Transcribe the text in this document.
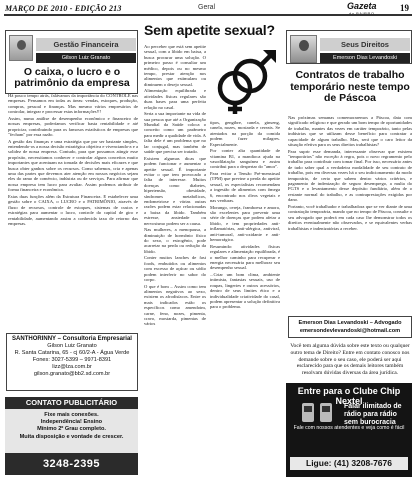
MARÇO DE 2010 - EDIÇÃO 213	Geral	Gazeta	19
Gestão Financeira
Gilson Luiz Granato
O caixa, o lucro e o patrimônio da empresa

Há pouco tempo atrás, falávamos da importância do CONTROLE nas empresas. Pensamos em todas as áreas: vendas, estoques, produção, compras, pessoal e finanças. Mas mesmo vários empresários de controlar, integrar e processar estas informações!!!

Assim, numa análise de desempenho econômico e financeiro de nossas empresas, poderíamos verificar basta rentabilidade e até propriciar, contribuindo para os famosos estatísticos de empresas que "fecham" por essa razão.

A gestão das finanças e uma estratégia que por ser bastante simples, entendendo-os a nossa decisão estratégica objetiva e vivenciando-a e a solidez de nossa empresa. Contudo, para que possamos atingir esse propósito, necessitamos conhecer e controlar alguns conceitos muito importantes que acentuam na tomada de decisões mais eficazes e que busca obter ganhos sobre os recursos. Como sabemos, cria e apenas uma das partes que devemos ater atenção em nossos negócios sejam eles do ramo de comércio, indústria ou de serviços. Para afirmar que nossa empresa tem lucro para avaliar. Assim podemos atribuir de forma financeira e econômica.

Estas duas funções além da Estrutura Financeira. E estabelecer uma gestão sobre o CAIXA, o LUCRO e o PATRIMÔNIO, através de fluxo de recursos, controle de estoques, sistemas de custos e estratégias para aumentar o lucro, controle do capital de giro e rentabilidade, aumentando assim a conhecida taxa de retorno das empresas.

SANTHORINNY – Consultoria Empresarial
Gilson Luiz Granato
R. Santa Catarina, 65 - cj 60/2-A - Água Verde
Fones: 3027-5399 – 9971-8391
lizz@lza.com.br
gilson.granato@bb2.sd.com.br
CONTATO PUBLICITÁRIO
Fixe mais conexões.
Independência! Ensino
Mínimo 2º Grau completo.
Muita disposição e vontade de crescer.
3248-2395
Sem apetite sexual?

Ao perceber que está sem apetite sexual, com a libido em baixa, a busca procurar uma solução. O primeiro passo é consultar um médico, depois ou no mesmo tempo, prestar atenção nos alimentos que estimulam ou diminuem o desejo sexual.

Alimentação equilibrada e atividades físicas regulares são duas bases para uma perfeita relação no casal.

Seria a sua importante na vida de sua pessoa que até a Organização Mundial da Saúde coloca o conceito como um parâmetro para medir a qualidade de vida. A falta dele é um problema que no lar conjugal, mas também de saúde que precisa ser tratado.

Existem algumas dicas que podem funcionar e aumentar o apetite sexual. É importante evitar o que tem provocado a falta de interesse. Muitos doenças como diabetes, hipertensão, obesidade, síndromes metabólicos, endometriose e várias outras razões podem estar relacionadas a baixa da libido. Também estresse, ansiedade ou nervosismo podem ser a causa.

Nas mulheres, a menopausa, a diminuição de hormônio físico do sexo, o estrogênio, pode acarretar na perda ou redução da libido.

Conter muitos lanches de fast foods, embutidos ou alimentos com excesso de açúcar ou sódio podem interferir no sabor do corpo.

O que é bom – Assim como tem alimentos negativos ao sexo, existem os afrodisíacos. Entre os mais indicados estão os específicos como amendoim, carne, feno, nozes, pimenta, cravo, mostarda, pimentas de vários

tipos, gengibre, canela, ginseng, canela, nozes, mostarda e cereais. Se atentados na porção da comida podem fazer milagres. Especialmente.

Por conter alta quantidade de vitamina B1, a mandioca ajuda na vasodilatação sanguínea e assim contribui para o despertar do "amor".

Para evitar a Tensão Pré-menstrual (TPM) que previne a perda do apetite sexual, os especialistas recomendam a ingestão de alimentos com ômega 6, encontrado nos óleos vegetais e nas verduras.

Morango, cereja, framboesa e amora, são excelentes para prevenir uma série de doenças que podem afetar a libido, e tem propriedades anti-inflamatórias, anti-alérgica, antiviral, anti-tumoral, anti-oxidante e anti-hemorrágico.

Resumindo: atividades físicas regulares e alimentação equilibrada, é o melhor caminho para recuperar e energia necessária para melhorar seu desempenho sexual.

...Criar um bom clima, ambiente intimista, fantasias sexuais, uso de roupas, lingeries e outros acessórios, dentro de seus limites ético e a individualidade criatividade do casal, podem apresentar a solução definitiva para o problema.

Seus Direitos
Emerson Dias Levandoski
Contratos de trabalho temporário neste tempo de Páscoa

Nas próximas semanas comemoraremos a Páscoa, data com significado religioso e que gerado um bom tempo de oportunidades de trabalho, mantes das vezes em caráter temporário, tanto pelas indústrias que se utilizam desse benefício para contratar a capacidade de algum trabalho. Mas, será que o caro leitor da situação efetiva para os seus direitos trabalhistas?

Para suprir esse demanda, interessante observar que existem "temporários" não exceção à regra, pois o novo regramento pelo trabalho para contribuir com tomar final. Por isso, necessário antes de tudo saber qual a verdadeira modalidade de seu contrato de trabalho, pois em diversas vezes há o seu indicionamento da modo temporário, de certo que sabem dentro vários critérios, e pagamento de indenização de seguro desemprego, a multa do FGTS e o levantamento desse depósito fundiário, além de o restante normal do trabalho, e as contraprestações exigidas por dano.

Portanto, você trabalhador e trabalhadora que se ver diante de uma contratação temporária, mando que no tempo de Páscoa, consulte o seu advogado que poderá em cada caso lhe demonstrar todos os direitos eventualmente não observados, e se equivalentes verbas trabalhistas e indenizatórias a receber.

Emerson Dias Levandoski – Advogado
emersondevlevandoski@hotmail.com
Você tem alguma dúvida sobre este texto ou qualquer outro tema de Direito? Entre em contato conosco nos demande sobre o seu caso, ele poderá ser aqui esclarecido para que os demais leitores também resolvam dúvidas diversas da área jurídica.
Entre para o Clube Chip Nextel
Falar ilimitado de rádio para rádio sem burocracia
Fale com nossos atendentes e veja como é fácil
Ligue: (41) 3208-7676
